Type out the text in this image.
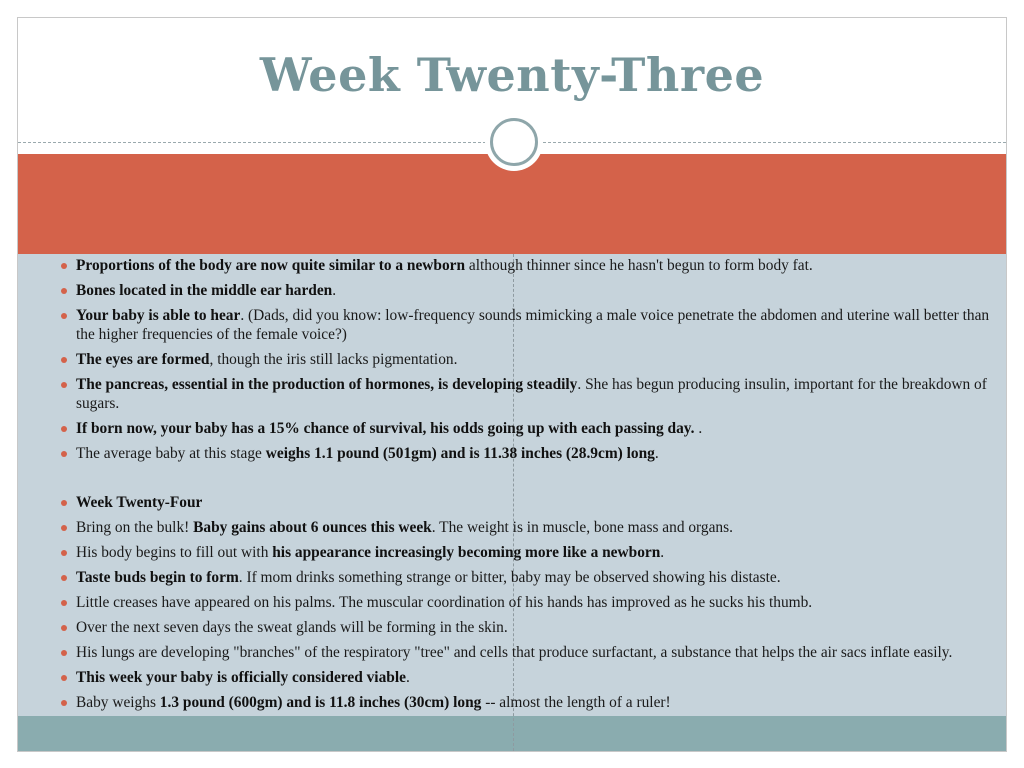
Week Twenty-Three
Proportions of the body are now quite similar to a newborn although thinner since he hasn't begun to form body fat.
Bones located in the middle ear harden.
Your baby is able to hear. (Dads, did you know: low-frequency sounds mimicking a male voice penetrate the abdomen and uterine wall better than the higher frequencies of the female voice?)
The eyes are formed, though the iris still lacks pigmentation.
The pancreas, essential in the production of hormones, is developing steadily. She has begun producing insulin, important for the breakdown of sugars.
If born now, your baby has a 15% chance of survival, his odds going up with each passing day. .
The average baby at this stage weighs 1.1 pound (501gm) and is 11.38 inches (28.9cm) long.
Week Twenty-Four
Bring on the bulk! Baby gains about 6 ounces this week. The weight is in muscle, bone mass and organs.
His body begins to fill out with his appearance increasingly becoming more like a newborn.
Taste buds begin to form. If mom drinks something strange or bitter, baby may be observed showing his distaste.
Little creases have appeared on his palms. The muscular coordination of his hands has improved as he sucks his thumb.
Over the next seven days the sweat glands will be forming in the skin.
His lungs are developing "branches" of the respiratory "tree" and cells that produce surfactant, a substance that helps the air sacs inflate easily.
This week your baby is officially considered viable.
Baby weighs 1.3 pound (600gm) and is 11.8 inches (30cm) long -- almost the length of a ruler!
